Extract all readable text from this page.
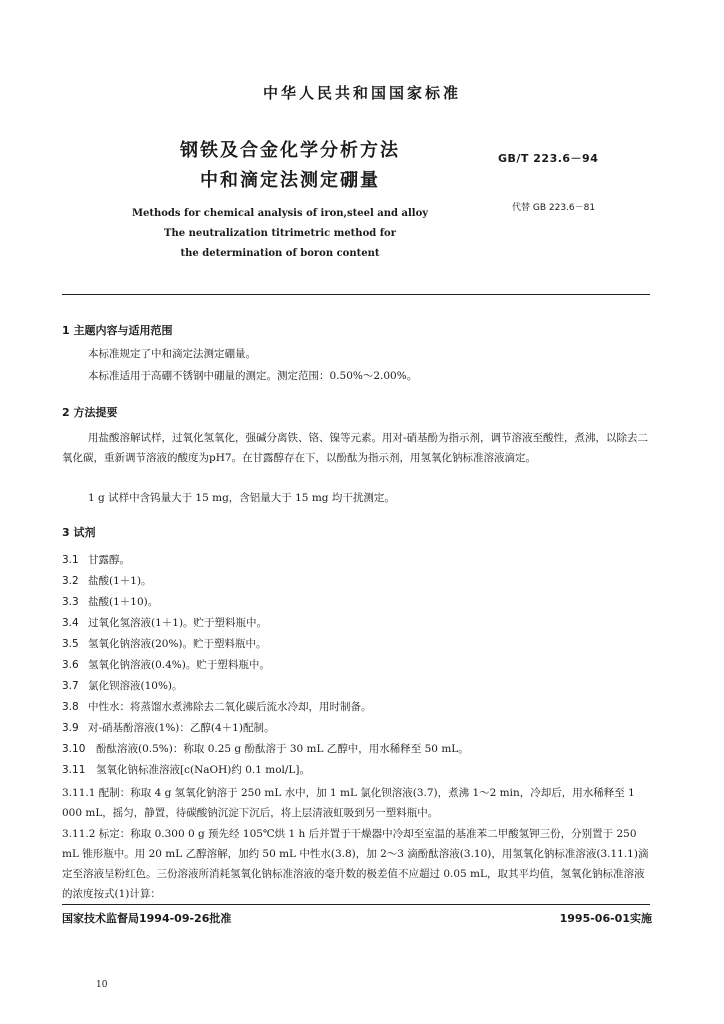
中华人民共和国国家标准
钢铁及合金化学分析方法
中和滴定法测定硼量
GB/T 223.6－94
代替 GB 223.6－81
Methods for chemical analysis of iron,steel and alloy
The neutralization titrimetric method for
the determination of boron content
1 主题内容与适用范围
本标准规定了中和滴定法测定硼量。
本标准适用于高硼不锈钢中硼量的测定。测定范围：0.50%～2.00%。
2 方法提要
用盐酸溶解试样，过氧化氢氧化，强碱分离铁、铬、镍等元素。用对-硝基酚为指示剂，调节溶液至酸性，煮沸，以除去二氧化碳，重新调节溶液的酸度为pH7。在甘露醇存在下，以酚酞为指示剂，用氢氧化钠标准溶液滴定。
1 g 试样中含钨量大于 15 mg，含铝量大于 15 mg 均干扰测定。
3 试剂
3.1 甘露醇。
3.2 盐酸(1＋1)。
3.3 盐酸(1＋10)。
3.4 过氧化氢溶液(1＋1)。贮于塑料瓶中。
3.5 氢氧化钠溶液(20%)。贮于塑料瓶中。
3.6 氢氧化钠溶液(0.4%)。贮于塑料瓶中。
3.7 氯化钡溶液(10%)。
3.8 中性水：将蒸馏水煮沸除去二氧化碳后流水冷却，用时制备。
3.9 对-硝基酚溶液(1%)：乙醇(4＋1)配制。
3.10 酚酞溶液(0.5%)：称取 0.25 g 酚酞溶于 30 mL 乙醇中，用水稀释至 50 mL。
3.11 氢氧化钠标准溶液[c(NaOH)约 0.1 mol/L]。
3.11.1 配制：称取 4 g 氢氧化钠溶于 250 mL 水中，加 1 mL 氯化钡溶液(3.7)，煮沸 1～2 min，冷却后，用水稀释至 1 000 mL，摇匀，静置，待碳酸钠沉淀下沉后，将上层清液虹吸到另一塑料瓶中。
3.11.2 标定：称取 0.300 0 g 预先经 105℃烘 1 h 后并置于干燥器中冷却至室温的基准苯二甲酸氢钾三份，分别置于 250 mL 锥形瓶中。用 20 mL 乙醇溶解，加约 50 mL 中性水(3.8)，加 2～3 滴酚酞溶液(3.10)，用氢氧化钠标准溶液(3.11.1)滴定至溶液呈粉红色。三份溶液所消耗氢氧化钠标准溶液的毫升数的极差值不应超过 0.05 mL，取其平均值，氢氧化钠标准溶液的浓度按式(1)计算：
国家技术监督局1994-09-26批准	1995-06-01实施
10
